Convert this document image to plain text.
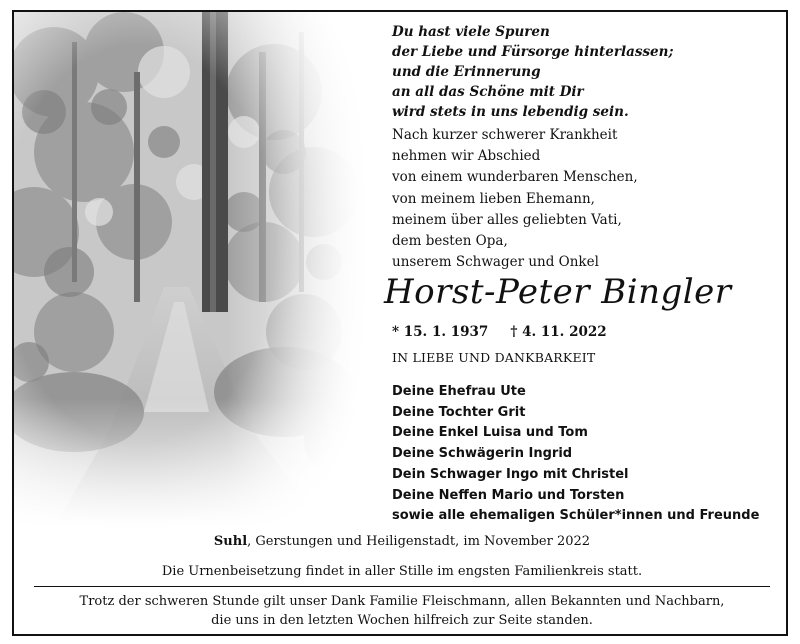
Du hast viele Spuren
der Liebe und Fürsorge hinterlassen;
und die Erinnerung
an all das Schöne mit Dir
wird stets in uns lebendig sein.
Nach kurzer schwerer Krankheit
nehmen wir Abschied
von einem wunderbaren Menschen,
von meinem lieben Ehemann,
meinem über alles geliebten Vati,
dem besten Opa,
unserem Schwager und Onkel
Horst-Peter Bingler
* 15. 1. 1937 † 4. 11. 2022
IN LIEBE UND DANKBARKEIT
Deine Ehefrau Ute
Deine Tochter Grit
Deine Enkel Luisa und Tom
Deine Schwägerin Ingrid
Dein Schwager Ingo mit Christel
Deine Neffen Mario und Torsten
sowie alle ehemaligen Schüler*innen und Freunde
Suhl, Gerstungen und Heiligenstadt, im November 2022
Die Urnenbeisetzung findet in aller Stille im engsten Familienkreis statt.
Trotz der schweren Stunde gilt unser Dank Familie Fleischmann, allen Bekannten und Nachbarn,
die uns in den letzten Wochen hilfreich zur Seite standen.
